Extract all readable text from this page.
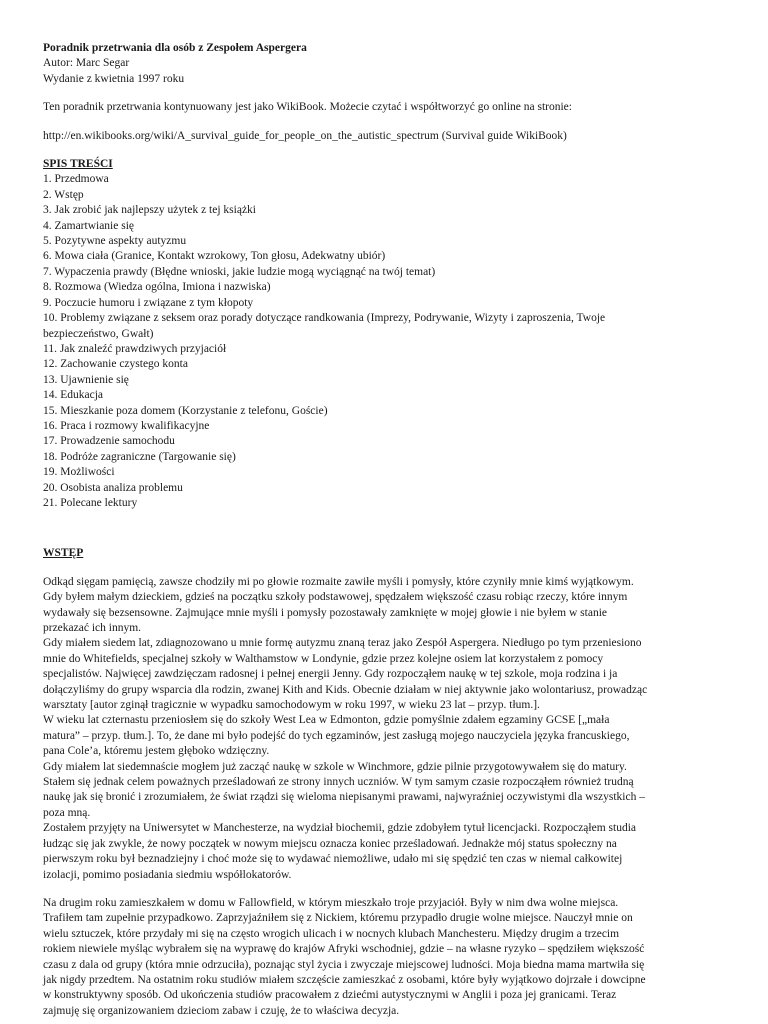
Poradnik przetrwania dla osób z Zespołem Aspergera
Autor: Marc Segar
Wydanie z kwietnia 1997 roku
Ten poradnik przetrwania kontynuowany jest jako WikiBook. Możecie czytać i współtworzyć go online na stronie:
http://en.wikibooks.org/wiki/A_survival_guide_for_people_on_the_autistic_spectrum (Survival guide WikiBook)
SPIS TREŚCI
1. Przedmowa
2. Wstęp
3. Jak zrobić jak najlepszy użytek z tej książki
4. Zamartwianie się
5. Pozytywne aspekty autyzmu
6. Mowa ciała (Granice, Kontakt wzrokowy, Ton głosu, Adekwatny ubiór)
7. Wypaczenia prawdy (Błędne wnioski, jakie ludzie mogą wyciągnąć na twój temat)
8. Rozmowa (Wiedza ogólna, Imiona i nazwiska)
9. Poczucie humoru i związane z tym kłopoty
10. Problemy związane z seksem oraz porady dotyczące randkowania (Imprezy, Podrywanie, Wizyty i zaproszenia, Twoje
bezpieczeństwo, Gwałt)
11. Jak znaleźć prawdziwych przyjaciół
12. Zachowanie czystego konta
13. Ujawnienie się
14. Edukacja
15. Mieszkanie poza domem (Korzystanie z telefonu, Goście)
16. Praca i rozmowy kwalifikacyjne
17. Prowadzenie samochodu
18. Podróże zagraniczne (Targowanie się)
19. Możliwości
20. Osobista analiza problemu
21. Polecane lektury
WSTĘP
Odkąd sięgam pamięcią, zawsze chodziły mi po głowie rozmaite zawiłe myśli i pomysły, które czyniły mnie kimś wyjątkowym.
Gdy byłem małym dzieckiem, gdzieś na początku szkoły podstawowej, spędzałem większość czasu robiąc rzeczy, które innym
wydawały się bezsensowne. Zajmujące mnie myśli i pomysły pozostawały zamknięte w mojej głowie i nie byłem w stanie
przekazać ich innym.
Gdy miałem siedem lat, zdiagnozowano u mnie formę autyzmu znaną teraz jako Zespół Aspergera. Niedługo po tym przeniesiono
mnie do Whitefields, specjalnej szkoły w Walthamstow w Londynie, gdzie przez kolejne osiem lat korzystałem z pomocy
specjalistów. Najwięcej zawdzięczam radosnej i pełnej energii Jenny. Gdy rozpocząłem naukę w tej szkole, moja rodzina i ja
dołączyliśmy do grupy wsparcia dla rodzin, zwanej Kith and Kids. Obecnie działam w niej aktywnie jako wolontariusz, prowadząc
warsztaty [autor zginął tragicznie w wypadku samochodowym w roku 1997, w wieku 23 lat – przyp. tłum.].
W wieku lat czternastu przeniosłem się do szkoły West Lea w Edmonton, gdzie pomyślnie zdałem egzaminy GCSE [„mała
matura” – przyp. tłum.]. To, że dane mi było podejść do tych egzaminów, jest zasługą mojego nauczyciela języka francuskiego,
pana Cole’a, któremu jestem głęboko wdzięczny.
Gdy miałem lat siedemnaście mogłem już zacząć naukę w szkole w Winchmore, gdzie pilnie przygotowywałem się do matury.
Stałem się jednak celem poważnych prześladowań ze strony innych uczniów. W tym samym czasie rozpocząłem również trudną
naukę jak się bronić i zrozumiałem, że świat rządzi się wieloma niepisanymi prawami, najwyraźniej oczywistymi dla wszystkich –
poza mną.
Zostałem przyjęty na Uniwersytet w Manchesterze, na wydział biochemii, gdzie zdobyłem tytuł licencjacki. Rozpocząłem studia
łudząc się jak zwykle, że nowy początek w nowym miejscu oznacza koniec prześladowań. Jednakże mój status społeczny na
pierwszym roku był beznadziejny i choć może się to wydawać niemożliwe, udało mi się spędzić ten czas w niemal całkowitej
izolacji, pomimo posiadania siedmiu współlokatorów.
Na drugim roku zamieszkałem w domu w Fallowfield, w którym mieszkało troje przyjaciół. Były w nim dwa wolne miejsca.
Trafiłem tam zupełnie przypadkowo. Zaprzyjaźniłem się z Nickiem, któremu przypadło drugie wolne miejsce. Nauczył mnie on
wielu sztuczek, które przydały mi się na często wrogich ulicach i w nocnych klubach Manchesteru. Między drugim a trzecim
rokiem niewiele myśląc wybrałem się na wyprawę do krajów Afryki wschodniej, gdzie – na własne ryzyko – spędziłem większość
czasu z dala od grupy (która mnie odrzuciła), poznając styl życia i zwyczaje miejscowej ludności. Moja biedna mama martwiła się
jak nigdy przedtem. Na ostatnim roku studiów miałem szczęście zamieszkać z osobami, które były wyjątkowo dojrzałe i dowcipne
w konstruktywny sposób. Od ukończenia studiów pracowałem z dziećmi autystycznymi w Anglii i poza jej granicami. Teraz
zajmuję się organizowaniem dzieciom zabaw i czuję, że to właściwa decyzja.
